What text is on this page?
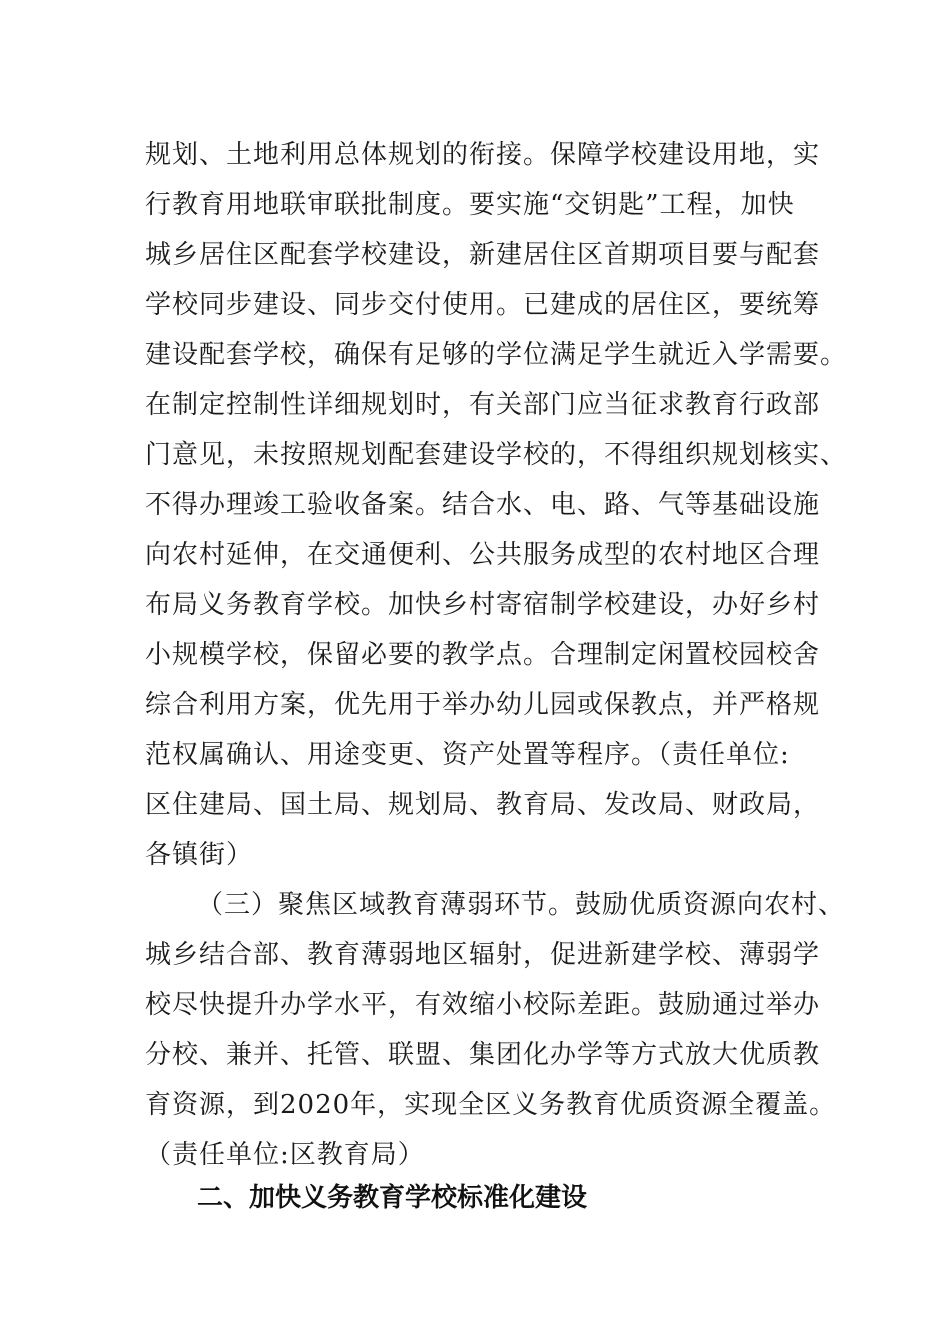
规划、土地利用总体规划的衔接。保障学校建设用地，实
行教育用地联审联批制度。要实施“交钥匙”工程，加快
城乡居住区配套学校建设，新建居住区首期项目要与配套
学校同步建设、同步交付使用。已建成的居住区，要统筹
建设配套学校，确保有足够的学位满足学生就近入学需要。
在制定控制性详细规划时，有关部门应当征求教育行政部
门意见，未按照规划配套建设学校的，不得组织规划核实、
不得办理竣工验收备案。结合水、电、路、气等基础设施
向农村延伸，在交通便利、公共服务成型的农村地区合理
布局义务教育学校。加快乡村寄宿制学校建设，办好乡村
小规模学校，保留必要的教学点。合理制定闲置校园校舍
综合利用方案，优先用于举办幼儿园或保教点，并严格规
范权属确认、用途变更、资产处置等程序。（责任单位:
区住建局、国土局、规划局、教育局、发改局、财政局，
各镇街）
（三）聚焦区域教育薄弱环节。鼓励优质资源向农村、
城乡结合部、教育薄弱地区辐射，促进新建学校、薄弱学
校尽快提升办学水平，有效缩小校际差距。鼓励通过举办
分校、兼并、托管、联盟、集团化办学等方式放大优质教
育资源，到2020年，实现全区义务教育优质资源全覆盖。
（责任单位:区教育局）
二、加快义务教育学校标准化建设
